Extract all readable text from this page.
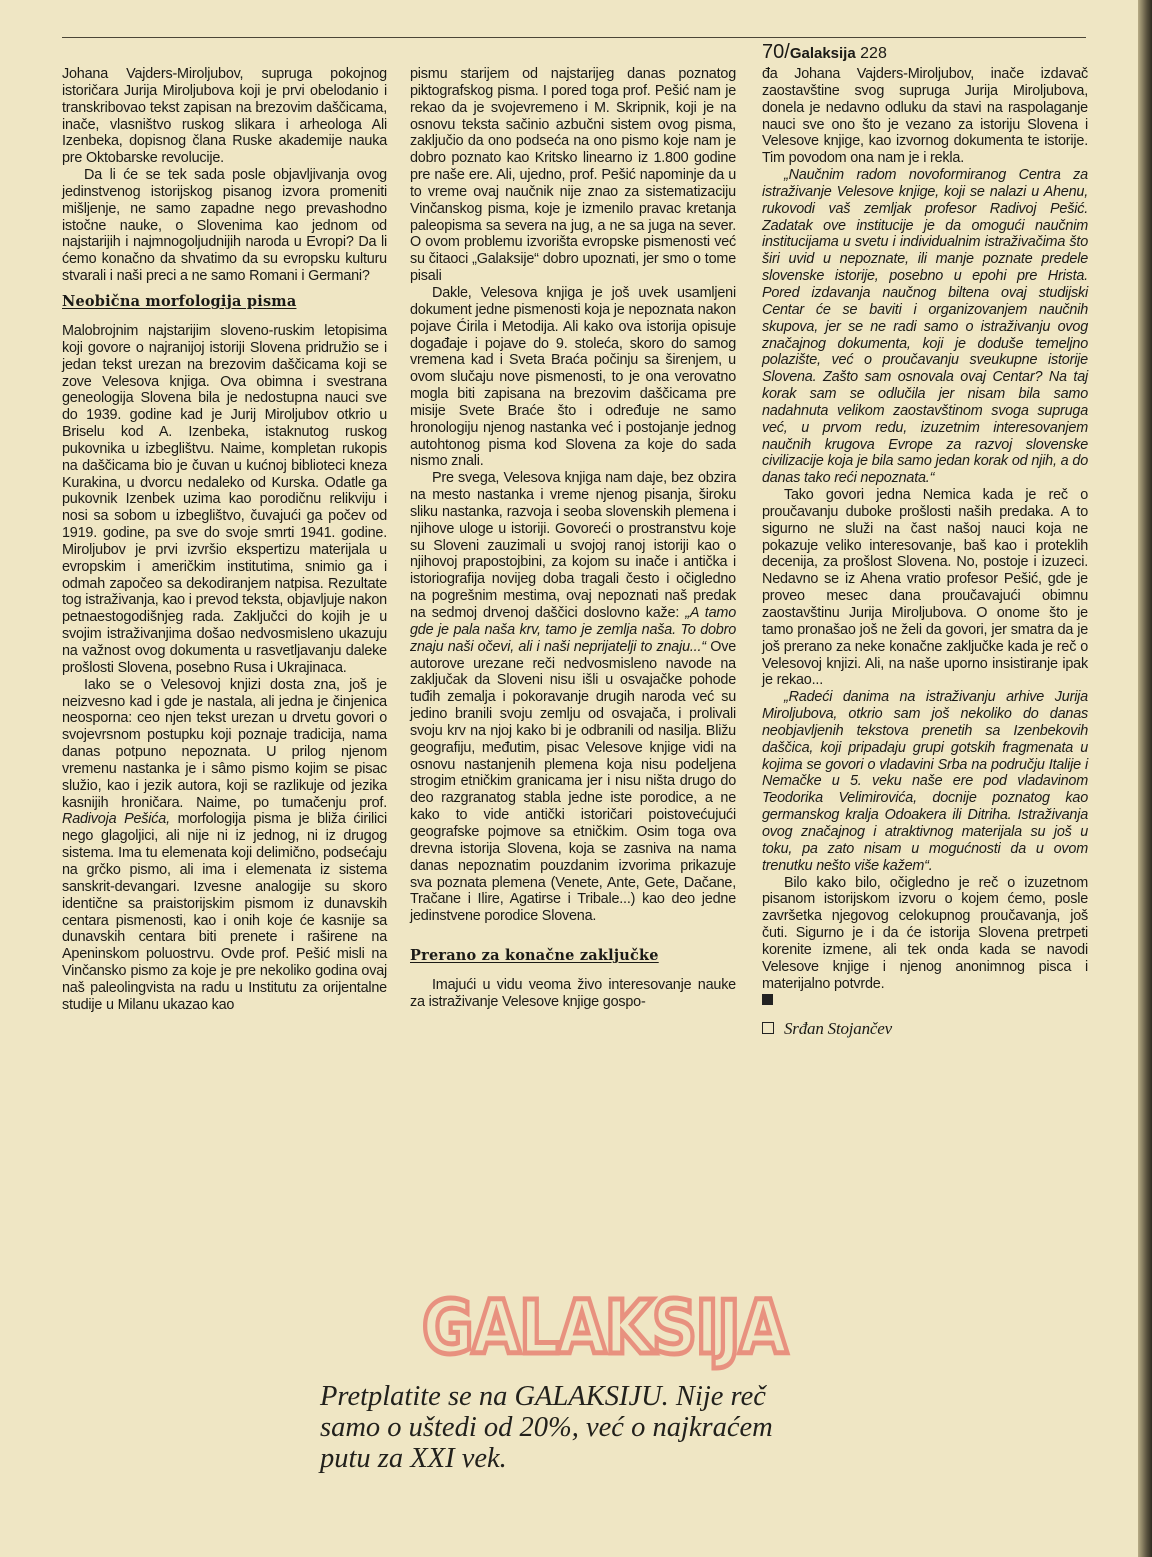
70/Galaksija 228

Johana Vajders-Miroljubov, supruga pokojnog istoričara Jurija Miroljubova koji je prvi obelodanio i transkribovao tekst zapisan na brezovim daščicama, inače, vlasništvo ruskog slikara i arheologa Ali Izenbeka, dopisnog člana Ruske akademije nauka pre Oktobarske revolucije.

Da li će se tek sada posle objavljivanja ovog jedinstvenog istorijskog pisanog izvora promeniti mišljenje, ne samo zapadne nego prevashodno istočne nauke, o Slovenima kao jednom od najstarijih i najmnogoljudnijih naroda u Evropi? Da li ćemo konačno da shvatimo da su evropsku kulturu stvarali i naši preci a ne samo Romani i Germani?

Neobična morfologija pisma

Malobrojnim najstarijim sloveno-ruskim letopisima koji govore o najranijoj istoriji Slovena pridružio se i jedan tekst urezan na brezovim daščicama koji se zove Velesova knjiga. Ova obimna i svestrana geneologija Slovena bila je nedostupna nauci sve do 1939. godine kad je Jurij Miroljubov otkrio u Briselu kod A. Izenbeka, istaknutog ruskog pukovnika u izbeglištvu. Naime, kompletan rukopis na daščicama bio je čuvan u kućnoj biblioteci kneza Kurakina, u dvorcu nedaleko od Kurska. Odatle ga pukovnik Izenbek uzima kao porodičnu relikviju i nosi sa sobom u izbeglištvo, čuvajući ga počev od 1919. godine, pa sve do svoje smrti 1941. godine. Miroljubov je prvi izvršio ekspertizu materijala u evropskim i američkim institutima, snimio ga i odmah započeo sa dekodiranjem natpisa. Rezultate tog istraživanja, kao i prevod teksta, objavljuje nakon petnaestogodišnjeg rada. Zaključci do kojih je u svojim istraživanjima došao nedvosmisleno ukazuju na važnost ovog dokumenta u rasvetljavanju daleke prošlosti Slovena, posebno Rusa i Ukrajinaca.

Iako se o Velesovoj knjizi dosta zna, još je neizvesno kad i gde je nastala, ali jedna je činjenica neosporna: ceo njen tekst urezan u drvetu govori o svojevrsnom postupku koji poznaje tradicija, nama danas potpuno nepoznata. U prilog njenom vremenu nastanka je i sâmo pismo kojim se pisac služio, kao i jezik autora, koji se razlikuje od jezika kasnijih hroničara. Naime, po tumačenju prof. Radivoja Pešića, morfologija pisma je bliža ćirilici nego glagoljici, ali nije ni iz jednog, ni iz drugog sistema. Ima tu elemenata koji delimično, podsećaju na grčko pismo, ali ima i elemenata iz sistema sanskrit-devangari. Izvesne analogije su skoro identične sa praistorijskim pismom iz dunavskih centara pismenosti, kao i onih koje će kasnije sa dunavskih centara biti prenete i raširene na Apeninskom poluostrvu. Ovde prof. Pešić misli na Vinčansko pismo za koje je pre nekoliko godina ovaj naš paleolingvista na radu u Institutu za orijentalne studije u Milanu ukazao kao

pismu starijem od najstarijeg danas poznatog piktografskog pisma. I pored toga prof. Pešić nam je rekao da je svojevremeno i M. Skripnik, koji je na osnovu teksta sačinio azbučni sistem ovog pisma, zaključio da ono podseća na ono pismo koje nam je dobro poznato kao Kritsko linearno iz 1.800 godine pre naše ere. Ali, ujedno, prof. Pešić napominje da u to vreme ovaj naučnik nije znao za sistematizaciju Vinčanskog pisma, koje je izmenilo pravac kretanja paleopisma sa severa na jug, a ne sa juga na sever. O ovom problemu izvorišta evropske pismenosti već su čitaoci „Galaksije“ dobro upoznati, jer smo o tome pisali

Dakle, Velesova knjiga je još uvek usamljeni dokument jedne pismenosti koja je nepoznata nakon pojave Ćirila i Metodija. Ali kako ova istorija opisuje događaje i pojave do 9. stoleća, skoro do samog vremena kad i Sveta Braća počinju sa širenjem, u ovom slučaju nove pismenosti, to je ona verovatno mogla biti zapisana na brezovim daščicama pre misije Svete Braće što i određuje ne samo hronologiju njenog nastanka već i postojanje jednog autohtonog pisma kod Slovena za koje do sada nismo znali.

Pre svega, Velesova knjiga nam daje, bez obzira na mesto nastanka i vreme njenog pisanja, široku sliku nastanka, razvoja i seoba slovenskih plemena i njihove uloge u istoriji. Govoreći o prostranstvu koje su Sloveni zauzimali u svojoj ranoj istoriji kao o njihovoj prapostojbini, za kojom su inače i antička i istoriografija novijeg doba tragali često i očigledno na pogrešnim mestima, ovaj nepoznati naš predak na sedmoj drvenoj daščici doslovno kaže: „A tamo gde je pala naša krv, tamo je zemlja naša. To dobro znaju naši očevi, ali i naši neprijatelji to znaju...“ Ove autorove urezane reči nedvosmisleno navode na zaključak da Sloveni nisu išli u osvajačke pohode tuđih zemalja i pokoravanje drugih naroda već su jedino branili svoju zemlju od osvajača, i prolivali svoju krv na njoj kako bi je odbranili od nasilja. Bližu geografiju, međutim, pisac Velesove knjige vidi na osnovu nastanjenih plemena koja nisu podeljena strogim etničkim granicama jer i nisu ništa drugo do deo razgranatog stabla jedne iste porodice, a ne kako to vide antički istoričari poistovećujući geografske pojmove sa etničkim. Osim toga ova drevna istorija Slovena, koja se zasniva na nama danas nepoznatim pouzdanim izvorima prikazuje sva poznata plemena (Venete, Ante, Gete, Dačane, Tračane i Ilire, Agatirse i Tribale...) kao deo jedne jedinstvene porodice Slovena.

Prerano za konačne zaključke

Imajući u vidu veoma živo interesovanje nauke za istraživanje Velesove knjige gospo-

đa Johana Vajders-Miroljubov, inače izdavač zaostavštine svog supruga Jurija Miroljubova, donela je nedavno odluku da stavi na raspolaganje nauci sve ono što je vezano za istoriju Slovena i Velesove knjige, kao izvornog dokumenta te istorije. Tim povodom ona nam je i rekla.

„Naučnim radom novoformiranog Centra za istraživanje Velesove knjige, koji se nalazi u Ahenu, rukovodi vaš zemljak profesor Radivoj Pešić. Zadatak ove institucije je da omogući naučnim institucijama u svetu i individualnim istraživačima što širi uvid u nepoznate, ili manje poznate predele slovenske istorije, posebno u epohi pre Hrista. Pored izdavanja naučnog biltena ovaj studijski Centar će se baviti i organizovanjem naučnih skupova, jer se ne radi samo o istraživanju ovog značajnog dokumenta, koji je doduše temeljno polazište, već o proučavanju sveukupne istorije Slovena. Zašto sam osnovala ovaj Centar? Na taj korak sam se odlučila jer nisam bila samo nadahnuta velikom zaostavštinom svoga supruga već, u prvom redu, izuzetnim interesovanjem naučnih krugova Evrope za razvoj slovenske civilizacije koja je bila samo jedan korak od njih, a do danas tako reći nepoznata.“

Tako govori jedna Nemica kada je reč o proučavanju duboke prošlosti naših predaka. A to sigurno ne služi na čast našoj nauci koja ne pokazuje veliko interesovanje, baš kao i proteklih decenija, za prošlost Slovena. No, postoje i izuzeci. Nedavno se iz Ahena vratio profesor Pešić, gde je proveo mesec dana proučavajući obimnu zaostavštinu Jurija Miroljubova. O onome što je tamo pronašao još ne želi da govori, jer smatra da je još prerano za neke konačne zaključke kada je reč o Velesovoj knjizi. Ali, na naše uporno insistiranje ipak je rekao...

„Radeći danima na istraživanju arhive Jurija Miroljubova, otkrio sam još nekoliko do danas neobjavljenih tekstova prenetih sa Izenbekovih daščica, koji pripadaju grupi gotskih fragmenata u kojima se govori o vladavini Srba na području Italije i Nemačke u 5. veku naše ere pod vladavinom Teodorika Velimirovića, docnije poznatog kao germanskog kralja Odoakera ili Ditriha. Istraživanja ovog značajnog i atraktivnog materijala su još u toku, pa zato nisam u mogućnosti da u ovom trenutku nešto više kažem“.

Bilo kako bilo, očigledno je reč o izuzetnom pisanom istorijskom izvoru o kojem ćemo, posle završetka njegovog celokupnog proučavanja, još čuti. Sigurno je i da će istorija Slovena pretrpeti korenite izmene, ali tek onda kada se navodi Velesove knjige i njenog anonimnog pisca i materijalno potvrde.

Srđan Stojančev
GALAKSIJA
Pretplatite se na GALAKSIJU. Nije reč
samo o uštedi od 20%, već o najkraćem
putu za XXI vek.
